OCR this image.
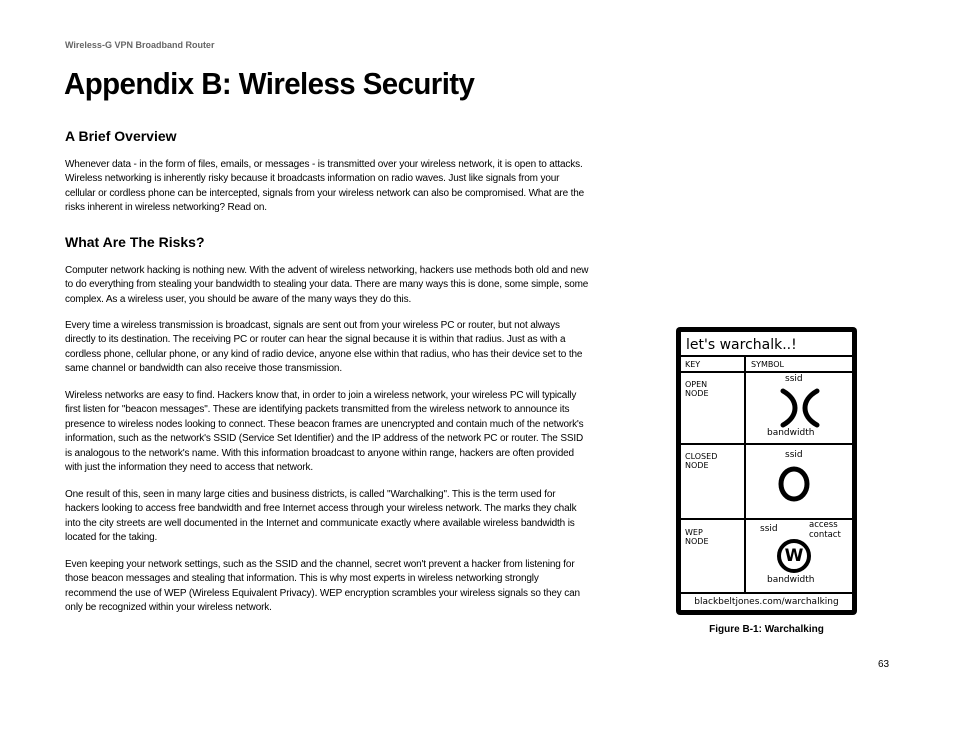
Wireless-G VPN Broadband Router
Appendix B: Wireless Security
A Brief Overview

Whenever data - in the form of files, emails, or messages - is transmitted over your wireless network, it is open to attacks. Wireless networking is inherently risky because it broadcasts information on radio waves. Just like signals from your cellular or cordless phone can be intercepted, signals from your wireless network can also be compromised. What are the risks inherent in wireless networking? Read on.

What Are The Risks?

Computer network hacking is nothing new. With the advent of wireless networking, hackers use methods both old and new to do everything from stealing your bandwidth to stealing your data. There are many ways this is done, some simple, some complex. As a wireless user, you should be aware of the many ways they do this.

Every time a wireless transmission is broadcast, signals are sent out from your wireless PC or router, but not always directly to its destination. The receiving PC or router can hear the signal because it is within that radius. Just as with a cordless phone, cellular phone, or any kind of radio device, anyone else within that radius, who has their device set to the same channel or bandwidth can also receive those transmission.

Wireless networks are easy to find. Hackers know that, in order to join a wireless network, your wireless PC will typically first listen for "beacon messages". These are identifying packets transmitted from the wireless network to announce its presence to wireless nodes looking to connect. These beacon frames are unencrypted and contain much of the network's information, such as the network's SSID (Service Set Identifier) and the IP address of the network PC or router. The SSID is analogous to the network's name. With this information broadcast to anyone within range, hackers are often provided with just the information they need to access that network.

One result of this, seen in many large cities and business districts, is called "Warchalking". This is the term used for hackers looking to access free bandwidth and free Internet access through your wireless network. The marks they chalk into the city streets are well documented in the Internet and communicate exactly where available wireless bandwidth is located for the taking.

Even keeping your network settings, such as the SSID and the channel, secret won't prevent a hacker from listening for those beacon messages and stealing that information. This is why most experts in wireless networking strongly recommend the use of WEP (Wireless Equivalent Privacy). WEP encryption scrambles your wireless signals so they can only be recognized within your wireless network.

let's warchalk..!
KEY	SYMBOL
OPEN NODE
ssid
bandwidth
CLOSED NODE
ssid
WEP NODE
ssid	access contact
W
bandwidth
blackbeltjones.com/warchalking
Figure B-1: Warchalking
63
